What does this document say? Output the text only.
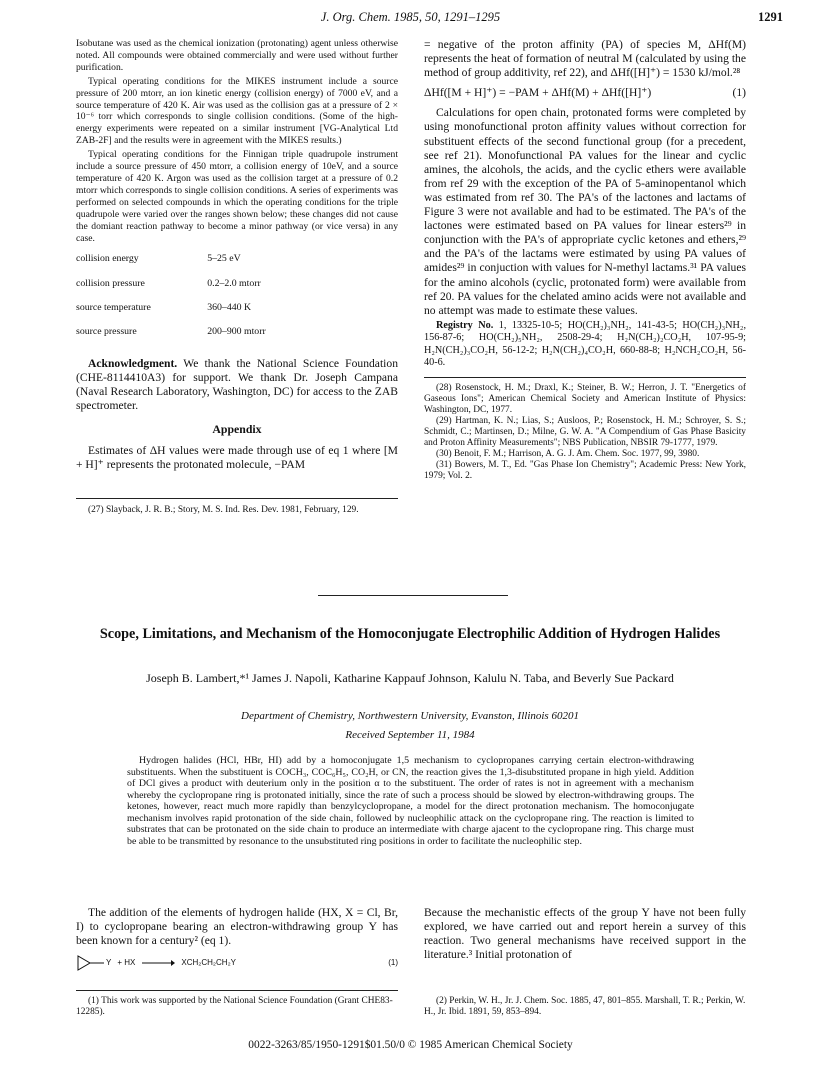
J. Org. Chem. 1985, 50, 1291–1295	1291

Isobutane was used as the chemical ionization (protonating) agent unless otherwise noted. All compounds were obtained commercially and were used without further purification.

Typical operating conditions for the MIKES instrument include a source pressure of 200 mtorr, an ion kinetic energy (collision energy) of 7000 eV, and a source temperature of 420 K. Air was used as the collision gas at a pressure of 2 × 10⁻⁶ torr which corresponds to single collision conditions. (Some of the high-energy experiments were repeated on a similar instrument [VG-Analytical Ltd ZAB-2F] and the results were in agreement with the MIKES results.)

Typical operating conditions for the Finnigan triple quadrupole instrument include a source pressure of 450 mtorr, a collision energy of 10eV, and a source temperature of 420 K. Argon was used as the collision target at a pressure of 0.2 mtorr which corresponds to single collision conditions. A series of experiments was performed on selected compounds in which the operating conditions for the triple quadrupole were varied over the ranges shown below; these changes did not cause the domiant reaction pathway to become a minor pathway (or vice versa) in any case.

collision energy	5–25 eV
collision pressure	0.2–2.0 mtorr
source temperature	360–440 K
source pressure	200–900 mtorr

Acknowledgment. We thank the National Science Foundation (CHE-8114410A3) for support. We thank Dr. Joseph Campana (Naval Research Laboratory, Washington, DC) for access to the ZAB spectrometer.

Appendix

Estimates of ΔH values were made through use of eq 1 where [M + H]⁺ represents the protonated molecule, −PAM

(27) Slayback, J. R. B.; Story, M. S. Ind. Res. Dev. 1981, February, 129.

= negative of the proton affinity (PA) of species M, ΔHf(M) represents the heat of formation of neutral M (calculated by using the method of group additivity, ref 22), and ΔHf([H]⁺) = 1530 kJ/mol.²⁸

ΔHf([M + H]⁺) = −PAM + ΔHf(M) + ΔHf([H]⁺)	(1)

Calculations for open chain, protonated forms were completed by using monofunctional proton affinity values without correction for substituent effects of the second functional group (for a precedent, see ref 21). Monofunctional PA values for the linear and cyclic amines, the alcohols, the acids, and the cyclic ethers were available from ref 29 with the exception of the PA of 5-aminopentanol which was estimated from ref 30. The PA's of the lactones and lactams of Figure 3 were not available and had to be estimated. The PA's of the lactones were estimated based on PA values for linear esters²⁹ in conjunction with the PA's of appropriate cyclic ketones and ethers,²⁹ and the PA's of the lactams were estimated by using PA values of amides²⁹ in conjuction with values for N-methyl lactams.³¹ PA values for the amino alcohols (cyclic, protonated form) were available from ref 20. PA values for the chelated amino acids were not available and no attempt was made to estimate these values.

Registry No. 1, 13325-10-5; HO(CH₂)₃NH₂, 141-43-5; HO(CH₂)₃NH₂, 156-87-6; HO(CH₂)₅NH₂, 2508-29-4; H₂N(CH₂)₂CO₂H, 107-95-9; H₂N(CH₂)₃CO₂H, 56-12-2; H₂N(CH₂)₄CO₂H, 660-88-8; H₂NCH₂CO₂H, 56-40-6.

(28) Rosenstock, H. M.; Draxl, K.; Steiner, B. W.; Herron, J. T. "Energetics of Gaseous Ions"; American Chemical Society and American Institute of Physics: Washington, DC, 1977.

(29) Hartman, K. N.; Lias, S.; Ausloos, P.; Rosenstock, H. M.; Schroyer, S. S.; Schmidt, C.; Martinsen, D.; Milne, G. W. A. "A Compendium of Gas Phase Basicity and Proton Affinity Measurements"; NBS Publication, NBSIR 79-1777, 1979.

(30) Benoit, F. M.; Harrison, A. G. J. Am. Chem. Soc. 1977, 99, 3980.

(31) Bowers, M. T., Ed. "Gas Phase Ion Chemistry"; Academic Press: New York, 1979; Vol. 2.

Scope, Limitations, and Mechanism of the Homoconjugate Electrophilic Addition of Hydrogen Halides
Joseph B. Lambert,*¹ James J. Napoli, Katharine Kappauf Johnson, Kalulu N. Taba, and Beverly Sue Packard
Department of Chemistry, Northwestern University, Evanston, Illinois 60201
Received September 11, 1984

Hydrogen halides (HCl, HBr, HI) add by a homoconjugate 1,5 mechanism to cyclopropanes carrying certain electron-withdrawing substituents. When the substituent is COCH₃, COC₆H₅, CO₂H, or CN, the reaction gives the 1,3-disubstituted propane in high yield. Addition of DCl gives a product with deuterium only in the position α to the substituent. The order of rates is not in agreement with a mechanism whereby the cyclopropane ring is protonated initially, since the rate of such a process should be slowed by electron-withdrawing groups. The ketones, however, react much more rapidly than benzylcyclopropane, a model for the direct protonation mechanism. The homoconjugate mechanism involves rapid protonation of the side chain, followed by nucleophilic attack on the cyclopropane ring. The reaction is limited to substrates that can be protonated on the side chain to produce an intermediate with charge ajacent to the cyclopropane ring. This charge must be able to be transmitted by resonance to the unsubstituted ring positions in order to facilitate the nucleophilic step.

The addition of the elements of hydrogen halide (HX, X = Cl, Br, I) to cyclopropane bearing an electron-withdrawing group Y has been known for a century² (eq 1).

Y + HX	XCH₂CH₂CH₂Y	(1)

Because the mechanistic effects of the group Y have not been fully explored, we have carried out and report herein a survey of this reaction. Two general mechanisms have received support in the literature.³ Initial protonation of

(1) This work was supported by the National Science Foundation (Grant CHE83-12285).

(2) Perkin, W. H., Jr. J. Chem. Soc. 1885, 47, 801–855. Marshall, T. R.; Perkin, W. H., Jr. Ibid. 1891, 59, 853–894.

0022-3263/85/1950-1291$01.50/0 © 1985 American Chemical Society
